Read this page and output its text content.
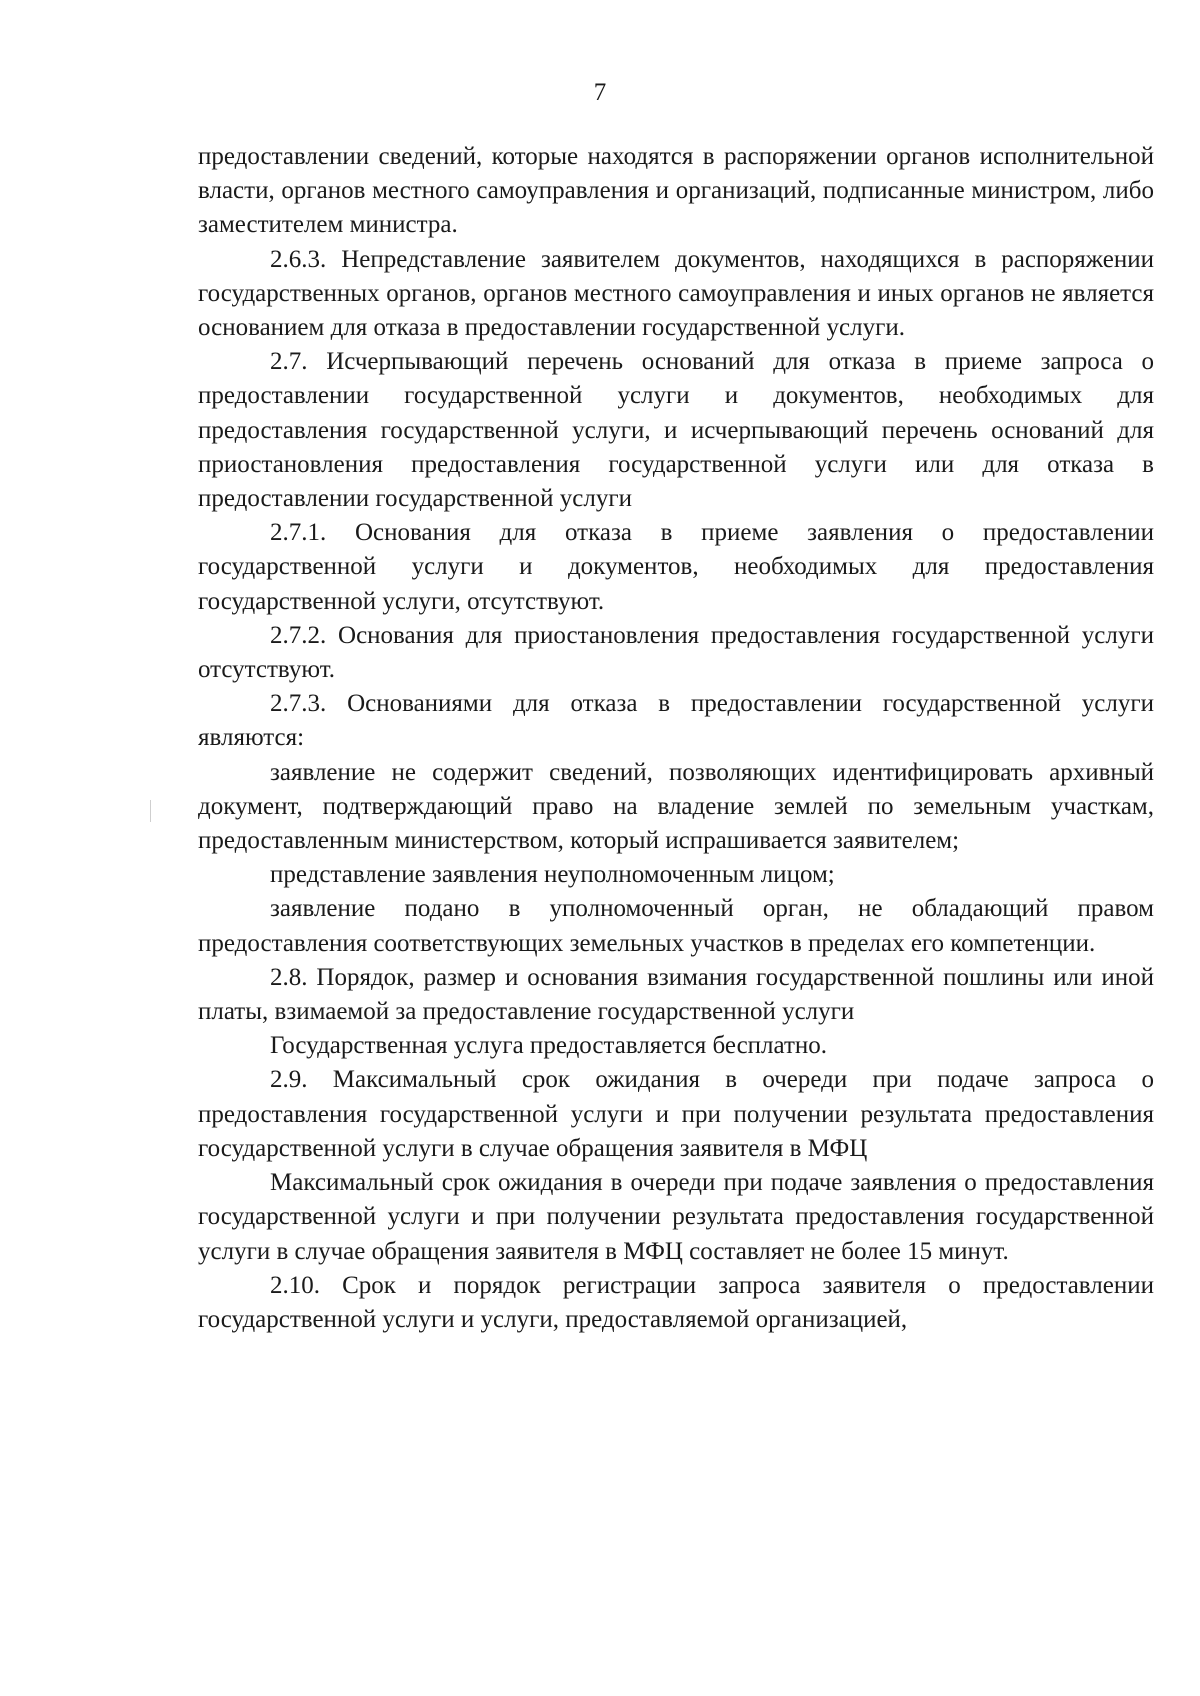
7

предоставлении сведений, которые находятся в распоряжении органов исполнительной власти, органов местного самоуправления и организаций, подписанные министром, либо заместителем министра.

2.6.3. Непредставление заявителем документов, находящихся в распоряжении государственных органов, органов местного самоуправления и иных органов не является основанием для отказа в предоставлении государственной услуги.

2.7. Исчерпывающий перечень оснований для отказа в приеме запроса о предоставлении государственной услуги и документов, необходимых для предоставления государственной услуги, и исчерпывающий перечень оснований для приостановления предоставления государственной услуги или для отказа в предоставлении государственной услуги

2.7.1. Основания для отказа в приеме заявления о предоставлении государственной услуги и документов, необходимых для предоставления государственной услуги, отсутствуют.

2.7.2. Основания для приостановления предоставления государственной услуги отсутствуют.

2.7.3. Основаниями для отказа в предоставлении государственной услуги являются:

заявление не содержит сведений, позволяющих идентифицировать архивный документ, подтверждающий право на владение землей по земельным участкам, предоставленным министерством, который испрашивается заявителем;

представление заявления неуполномоченным лицом;

заявление подано в уполномоченный орган, не обладающий правом предоставления соответствующих земельных участков в пределах его компетенции.

2.8. Порядок, размер и основания взимания государственной пошлины или иной платы, взимаемой за предоставление государственной услуги

Государственная услуга предоставляется бесплатно.

2.9. Максимальный срок ожидания в очереди при подаче запроса о предоставления государственной услуги и при получении результата предоставления государственной услуги в случае обращения заявителя в МФЦ

Максимальный срок ожидания в очереди при подаче заявления о предоставления государственной услуги и при получении результата предоставления государственной услуги в случае обращения заявителя в МФЦ составляет не более 15 минут.

2.10. Срок и порядок регистрации запроса заявителя о предоставлении государственной услуги и услуги, предоставляемой организацией,
